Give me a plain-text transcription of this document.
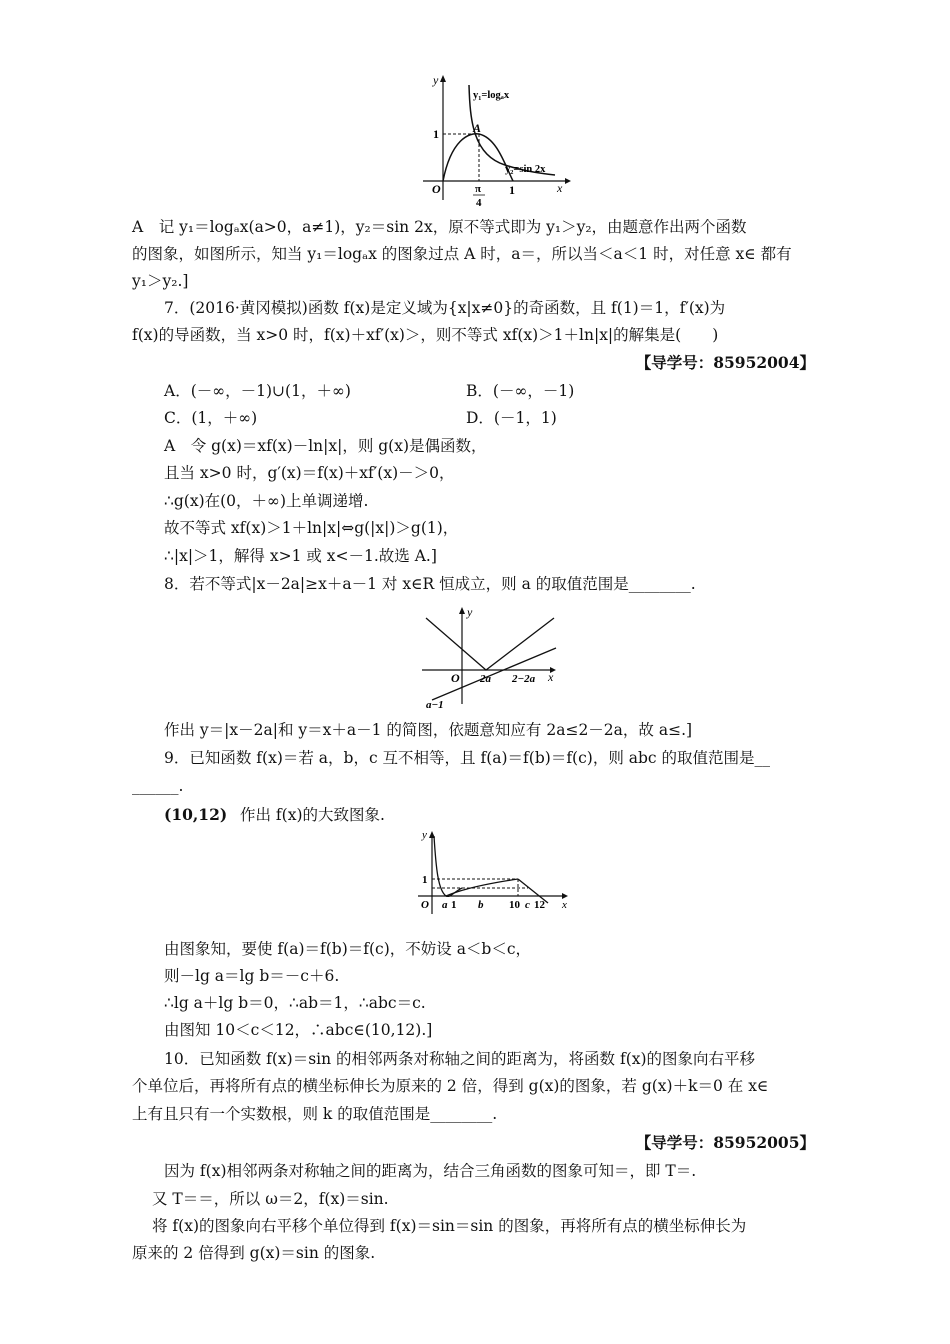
y
x
O
y₁=logₐx
y₂=sin 2x
A
1
π
4
1
A　记 y₁＝logₐx(a>0，a≠1)，y₂＝sin 2x，原不等式即为 y₁＞y₂，由题意作出两个函数
的图象，如图所示，知当 y₁＝logₐx 的图象过点 A 时，a＝，所以当＜a＜1 时，对任意 x∈ 都有
y₁＞y₂.]
7．(2016·黄冈模拟)函数 f(x)是定义域为{x|x≠0}的奇函数，且 f(1)＝1，f′(x)为
f(x)的导函数，当 x>0 时，f(x)＋xf′(x)＞，则不等式 xf(x)＞1＋ln|x|的解集是(　　)
【导学号：85952004】
A．(－∞，－1)∪(1，＋∞)	B．(－∞，－1)
C．(1，＋∞)	D．(－1，1)
A　令 g(x)＝xf(x)－ln|x|，则 g(x)是偶函数，
且当 x>0 时，g′(x)＝f(x)＋xf′(x)－＞0，
∴g(x)在(0，＋∞)上单调递增.
故不等式 xf(x)＞1＋ln|x|⇔g(|x|)＞g(1)，
∴|x|＞1，解得 x>1 或 x<－1.故选 A.]
8．若不等式|x－2a|≥x＋a－1 对 x∈R 恒成立，则 a 的取值范围是________.
y
x
O 2a 2−2a
a−1
作出 y＝|x－2a|和 y＝x＋a－1 的简图，依题意知应有 2a≤2－2a，故 a≤.]
9．已知函数 f(x)＝若 a，b，c 互不相等，且 f(a)＝f(b)＝f(c)，则 abc 的取值范围是__
______.
(10,12) 作出 f(x)的大致图象.
y
x
O
1
a 1 b 10 c 12
由图象知，要使 f(a)＝f(b)＝f(c)，不妨设 a＜b＜c，
则－lg a＝lg b＝－c＋6.
∴lg a＋lg b＝0，∴ab＝1，∴abc＝c.
由图知 10＜c＜12，∴abc∈(10,12).]
10．已知函数 f(x)＝sin 的相邻两条对称轴之间的距离为，将函数 f(x)的图象向右平移
个单位后，再将所有点的横坐标伸长为原来的 2 倍，得到 g(x)的图象，若 g(x)＋k＝0 在 x∈
上有且只有一个实数根，则 k 的取值范围是________.
【导学号：85952005】
因为 f(x)相邻两条对称轴之间的距离为，结合三角函数的图象可知＝，即 T＝.
又 T＝＝，所以 ω＝2，f(x)＝sin.
将 f(x)的图象向右平移个单位得到 f(x)＝sin＝sin 的图象，再将所有点的横坐标伸长为
原来的 2 倍得到 g(x)＝sin 的图象.
